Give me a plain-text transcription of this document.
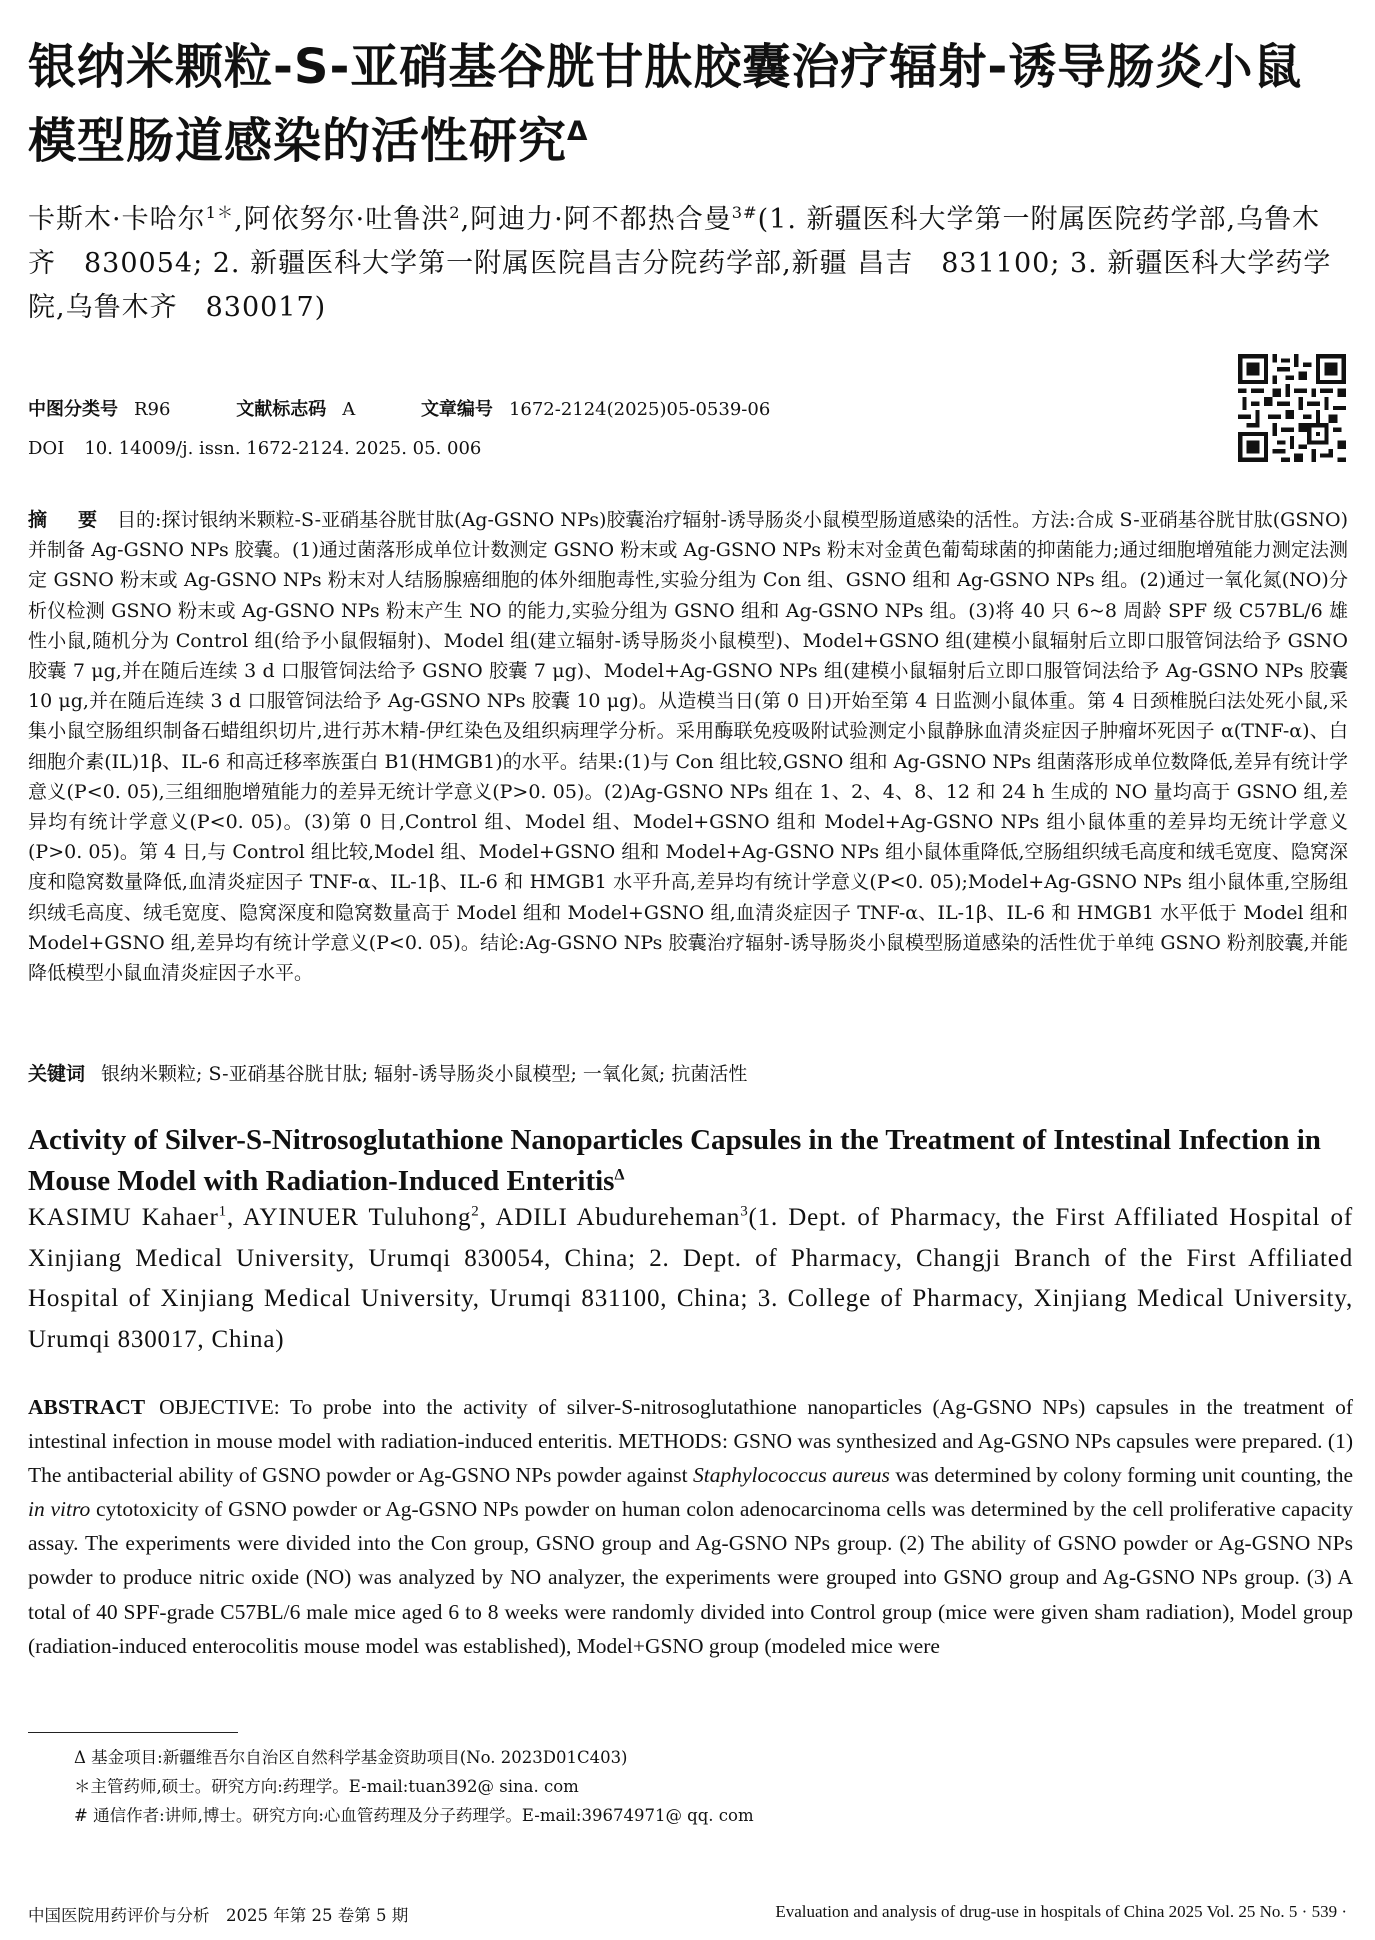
银纳米颗粒-S-亚硝基谷胱甘肽胶囊治疗辐射-诱导肠炎小鼠模型肠道感染的活性研究$^\Delta$

卡斯木·卡哈尔$^{1*}$,阿依努尔·吐鲁洪$^2$,阿迪力·阿不都热合曼$^{3\#}$(1. 新疆医科大学第一附属医院药学部,乌鲁木齐　830054; 2. 新疆医科大学第一附属医院昌吉分院药学部,新疆 昌吉　831100; 3. 新疆医科大学药学院,乌鲁木齐　830017)

中图分类号 R96	文献标志码 A	文章编号 1672-2124(2025)05-0539-06
DOI 10. 14009/j. issn. 1672-2124. 2025. 05. 006

摘　要 目的:探讨银纳米颗粒-S-亚硝基谷胱甘肽(Ag-GSNO NPs)胶囊治疗辐射-诱导肠炎小鼠模型肠道感染的活性。方法:合成 S-亚硝基谷胱甘肽(GSNO)并制备 Ag-GSNO NPs 胶囊。(1)通过菌落形成单位计数测定 GSNO 粉末或 Ag-GSNO NPs 粉末对金黄色葡萄球菌的抑菌能力;通过细胞增殖能力测定法测定 GSNO 粉末或 Ag-GSNO NPs 粉末对人结肠腺癌细胞的体外细胞毒性,实验分组为 Con 组、GSNO 组和 Ag-GSNO NPs 组。(2)通过一氧化氮(NO)分析仪检测 GSNO 粉末或 Ag-GSNO NPs 粉末产生 NO 的能力,实验分组为 GSNO 组和 Ag-GSNO NPs 组。(3)将 40 只 6~8 周龄 SPF 级 C57BL/6 雄性小鼠,随机分为 Control 组(给予小鼠假辐射)、Model 组(建立辐射-诱导肠炎小鼠模型)、Model+GSNO 组(建模小鼠辐射后立即口服管饲法给予 GSNO 胶囊 7 μg,并在随后连续 3 d 口服管饲法给予 GSNO 胶囊 7 μg)、Model+Ag-GSNO NPs 组(建模小鼠辐射后立即口服管饲法给予 Ag-GSNO NPs 胶囊 10 μg,并在随后连续 3 d 口服管饲法给予 Ag-GSNO NPs 胶囊 10 μg)。从造模当日(第 0 日)开始至第 4 日监测小鼠体重。第 4 日颈椎脱臼法处死小鼠,采集小鼠空肠组织制备石蜡组织切片,进行苏木精-伊红染色及组织病理学分析。采用酶联免疫吸附试验测定小鼠静脉血清炎症因子肿瘤坏死因子 α(TNF-α)、白细胞介素(IL)1β、IL-6 和高迁移率族蛋白 B1(HMGB1)的水平。结果:(1)与 Con 组比较,GSNO 组和 Ag-GSNO NPs 组菌落形成单位数降低,差异有统计学意义(P<0. 05),三组细胞增殖能力的差异无统计学意义(P>0. 05)。(2)Ag-GSNO NPs 组在 1、2、4、8、12 和 24 h 生成的 NO 量均高于 GSNO 组,差异均有统计学意义(P<0. 05)。(3)第 0 日,Control 组、Model 组、Model+GSNO 组和 Model+Ag-GSNO NPs 组小鼠体重的差异均无统计学意义(P>0. 05)。第 4 日,与 Control 组比较,Model 组、Model+GSNO 组和 Model+Ag-GSNO NPs 组小鼠体重降低,空肠组织绒毛高度和绒毛宽度、隐窝深度和隐窝数量降低,血清炎症因子 TNF-α、IL-1β、IL-6 和 HMGB1 水平升高,差异均有统计学意义(P<0. 05);Model+Ag-GSNO NPs 组小鼠体重,空肠组织绒毛高度、绒毛宽度、隐窝深度和隐窝数量高于 Model 组和 Model+GSNO 组,血清炎症因子 TNF-α、IL-1β、IL-6 和 HMGB1 水平低于 Model 组和 Model+GSNO 组,差异均有统计学意义(P<0. 05)。结论:Ag-GSNO NPs 胶囊治疗辐射-诱导肠炎小鼠模型肠道感染的活性优于单纯 GSNO 粉剂胶囊,并能降低模型小鼠血清炎症因子水平。

关键词 银纳米颗粒; S-亚硝基谷胱甘肽; 辐射-诱导肠炎小鼠模型; 一氧化氮; 抗菌活性

Activity of Silver-S-Nitrosoglutathione Nanoparticles Capsules in the Treatment of Intestinal Infection in Mouse Model with Radiation-Induced Enteritis$^\Delta$

KASIMU Kahaer$^1$, AYINUER Tuluhong$^2$, ADILI Abudureheman$^3$(1. Dept. of Pharmacy, the First Affiliated Hospital of Xinjiang Medical University, Urumqi 830054, China; 2. Dept. of Pharmacy, Changji Branch of the First Affiliated Hospital of Xinjiang Medical University, Urumqi 831100, China; 3. College of Pharmacy, Xinjiang Medical University, Urumqi 830017, China)

ABSTRACT OBJECTIVE: To probe into the activity of silver-S-nitrosoglutathione nanoparticles (Ag-GSNO NPs) capsules in the treatment of intestinal infection in mouse model with radiation-induced enteritis. METHODS: GSNO was synthesized and Ag-GSNO NPs capsules were prepared. (1) The antibacterial ability of GSNO powder or Ag-GSNO NPs powder against Staphylococcus aureus was determined by colony forming unit counting, the in vitro cytotoxicity of GSNO powder or Ag-GSNO NPs powder on human colon adenocarcinoma cells was determined by the cell proliferative capacity assay. The experiments were divided into the Con group, GSNO group and Ag-GSNO NPs group. (2) The ability of GSNO powder or Ag-GSNO NPs powder to produce nitric oxide (NO) was analyzed by NO analyzer, the experiments were grouped into GSNO group and Ag-GSNO NPs group. (3) A total of 40 SPF-grade C57BL/6 male mice aged 6 to 8 weeks were randomly divided into Control group (mice were given sham radiation), Model group (radiation-induced enterocolitis mouse model was established), Model+GSNO group (modeled mice were

Δ 基金项目:新疆维吾尔自治区自然科学基金资助项目(No. 2023D01C403)

＊主管药师,硕士。研究方向:药理学。E-mail:tuan392@ sina. com

# 通信作者:讲师,博士。研究方向:心血管药理及分子药理学。E-mail:39674971@ qq. com

中国医院用药评价与分析　2025 年第 25 卷第 5 期	Evaluation and analysis of drug-use in hospitals of China 2025 Vol. 25 No. 5 · 539 ·
